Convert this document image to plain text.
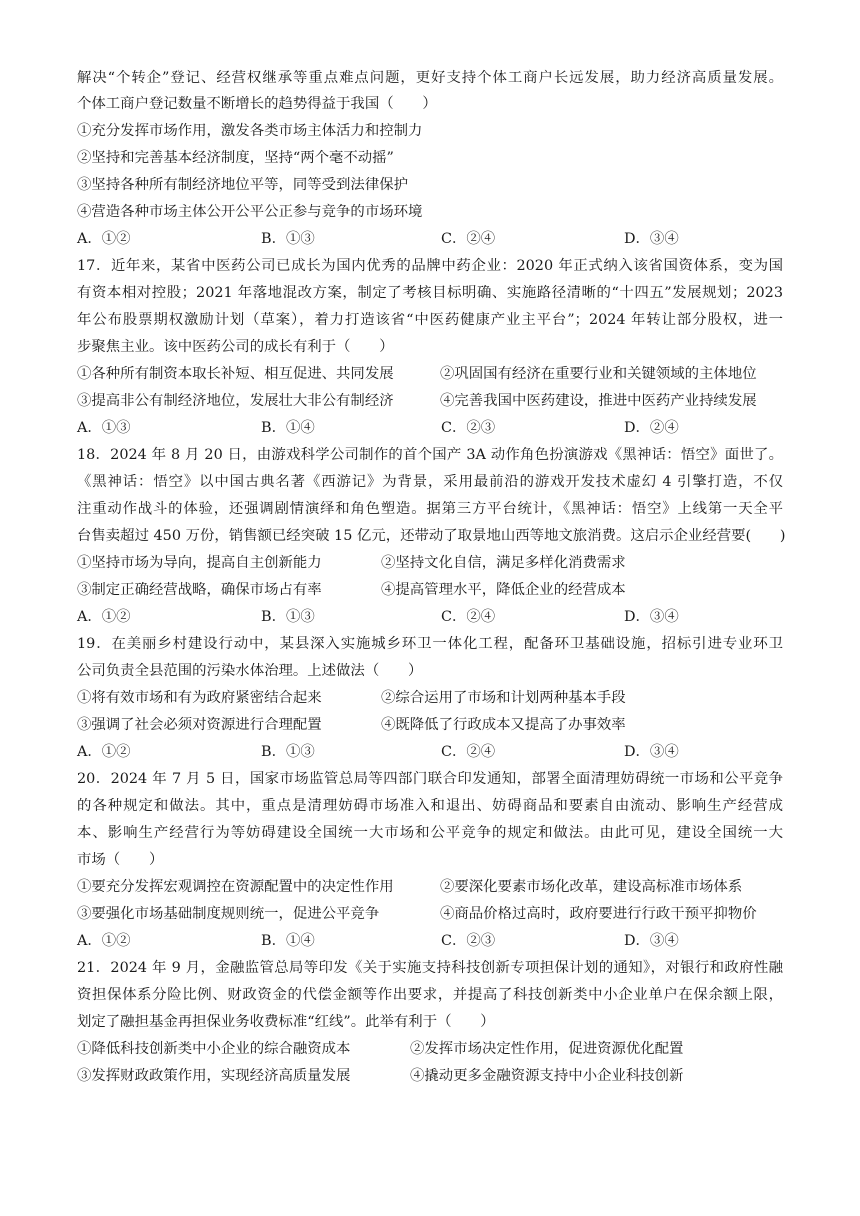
解决“个转企”登记、经营权继承等重点难点问题，更好支持个体工商户长远发展，助力经济高质量发展。
个体工商户登记数量不断增长的趋势得益于我国（　　）
①充分发挥市场作用，激发各类市场主体活力和控制力
②坚持和完善基本经济制度，坚持“两个毫不动摇”
③坚持各种所有制经济地位平等，同等受到法律保护
④营造各种市场主体公开公平公正参与竞争的市场环境
A．①②	B．①③	C．②④	D．③④
17．近年来，某省中医药公司已成长为国内优秀的品牌中药企业：2020 年正式纳入该省国资体系，变为国
有资本相对控股；2021 年落地混改方案，制定了考核目标明确、实施路径清晰的“十四五”发展规划；2023
年公布股票期权激励计划（草案），着力打造该省“中医药健康产业主平台”；2024 年转让部分股权，进一
步聚焦主业。该中医药公司的成长有利于（　　）
①各种所有制资本取长补短、相互促进、共同发展	②巩固国有经济在重要行业和关键领域的主体地位
③提高非公有制经济地位，发展壮大非公有制经济	④完善我国中医药建设，推进中医药产业持续发展
A．①③	B．①④	C．②③	D．②④
18．2024 年 8 月 20 日，由游戏科学公司制作的首个国产 3A 动作角色扮演游戏《黑神话：悟空》面世了。
《黑神话：悟空》以中国古典名著《西游记》为背景，采用最前沿的游戏开发技术虚幻 4 引擎打造，不仅
注重动作战斗的体验，还强调剧情演绎和角色塑造。据第三方平台统计，《黑神话：悟空》上线第一天全平
台售卖超过 450 万份，销售额已经突破 15 亿元，还带动了取景地山西等地文旅消费。这启示企业经营要(　　)
①坚持市场为导向，提高自主创新能力	②坚持文化自信，满足多样化消费需求
③制定正确经营战略，确保市场占有率	④提高管理水平，降低企业的经营成本
A．①②	B．①③	C．②④	D．③④
19．在美丽乡村建设行动中，某县深入实施城乡环卫一体化工程，配备环卫基础设施，招标引进专业环卫
公司负责全县范围的污染水体治理。上述做法（　　）
①将有效市场和有为政府紧密结合起来	②综合运用了市场和计划两种基本手段
③强调了社会必须对资源进行合理配置	④既降低了行政成本又提高了办事效率
A．①②	B．①③	C．②④	D．③④
20．2024 年 7 月 5 日，国家市场监管总局等四部门联合印发通知，部署全面清理妨碍统一市场和公平竞争
的各种规定和做法。其中，重点是清理妨碍市场准入和退出、妨碍商品和要素自由流动、影响生产经营成
本、影响生产经营行为等妨碍建设全国统一大市场和公平竞争的规定和做法。由此可见，建设全国统一大
市场（　　）
①要充分发挥宏观调控在资源配置中的决定性作用	②要深化要素市场化改革，建设高标准市场体系
③要强化市场基础制度规则统一，促进公平竞争	④商品价格过高时，政府要进行行政干预平抑物价
A．①②	B．①④	C．②③	D．③④
21．2024 年 9 月，金融监管总局等印发《关于实施支持科技创新专项担保计划的通知》，对银行和政府性融
资担保体系分险比例、财政资金的代偿金额等作出要求，并提高了科技创新类中小企业单户在保余额上限，
划定了融担基金再担保业务收费标准“红线”。此举有利于（　　）
①降低科技创新类中小企业的综合融资成本	②发挥市场决定性作用，促进资源优化配置
③发挥财政政策作用，实现经济高质量发展	④撬动更多金融资源支持中小企业科技创新
